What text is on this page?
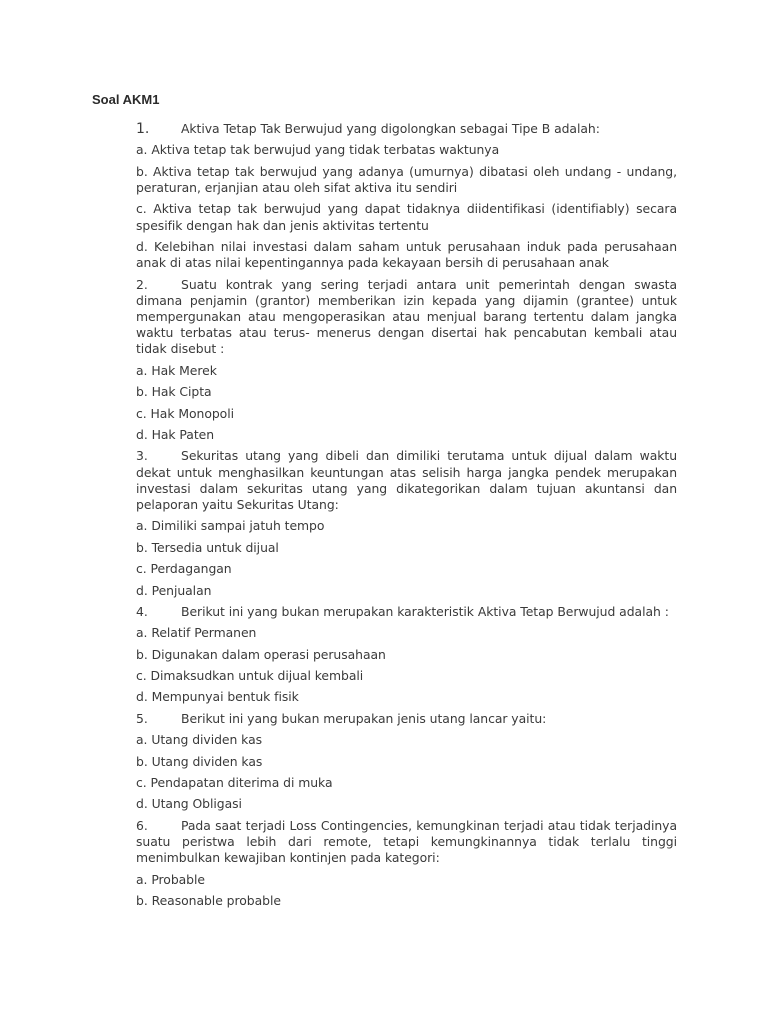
Soal AKM1

1.	Aktiva Tetap Tak Berwujud yang digolongkan sebagai Tipe B adalah:

a. Aktiva tetap tak berwujud yang tidak terbatas waktunya

b. Aktiva tetap tak berwujud yang adanya (umurnya) dibatasi oleh undang - undang, peraturan, erjanjian atau oleh sifat aktiva itu sendiri

c. Aktiva tetap tak berwujud yang dapat tidaknya diidentifikasi (identifiably) secara spesifik dengan hak dan jenis aktivitas tertentu

d. Kelebihan nilai investasi dalam saham untuk perusahaan induk pada perusahaan anak di atas nilai kepentingannya pada kekayaan bersih di perusahaan anak

2.	Suatu kontrak yang sering terjadi antara unit pemerintah dengan swasta dimana penjamin (grantor) memberikan izin kepada yang dijamin (grantee) untuk mempergunakan atau mengoperasikan atau menjual barang tertentu dalam jangka waktu terbatas atau terus- menerus dengan disertai hak pencabutan kembali atau tidak disebut :

a. Hak Merek

b. Hak Cipta

c. Hak Monopoli

d. Hak Paten

3.	Sekuritas utang yang dibeli dan dimiliki terutama untuk dijual dalam waktu dekat untuk menghasilkan keuntungan atas selisih harga jangka pendek merupakan investasi dalam sekuritas utang yang dikategorikan dalam tujuan akuntansi dan pelaporan yaitu Sekuritas Utang:

a. Dimiliki sampai jatuh tempo

b. Tersedia untuk dijual

c. Perdagangan

d. Penjualan

4.	Berikut ini yang bukan merupakan karakteristik Aktiva Tetap Berwujud adalah :

a. Relatif Permanen

b. Digunakan dalam operasi perusahaan

c. Dimaksudkan untuk dijual kembali

d. Mempunyai bentuk fisik

5.	Berikut ini yang bukan merupakan jenis utang lancar yaitu:

a. Utang dividen kas

b. Utang dividen kas

c. Pendapatan diterima di muka

d. Utang Obligasi

6.	Pada saat terjadi Loss Contingencies, kemungkinan terjadi atau tidak terjadinya suatu peristwa lebih dari remote, tetapi kemungkinannya tidak terlalu tinggi menimbulkan kewajiban kontinjen pada kategori:

a. Probable

b. Reasonable probable
